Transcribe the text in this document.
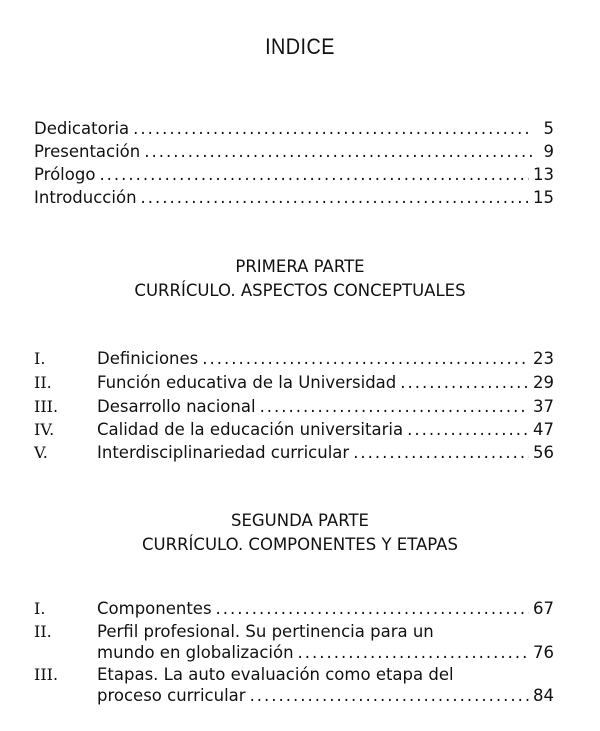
INDICE
Dedicatoria .....	5
Presentación .....	9
Prólogo .....	13
Introducción .....	15
PRIMERA PARTE
CURRÍCULO. ASPECTOS CONCEPTUALES
I.	Definiciones .....	23
II.	Función educativa de la Universidad .....	29
III.	Desarrollo nacional .....	37
IV.	Calidad de la educación universitaria .....	47
V.	Interdisciplinariedad curricular .....	56
SEGUNDA PARTE
CURRÍCULO. COMPONENTES Y ETAPAS
I.	Componentes .....	67
II.	Perfil profesional. Su pertinencia para un
mundo en globalización .....	76
III.	Etapas. La auto evaluación como etapa del
proceso curricular .....	84
